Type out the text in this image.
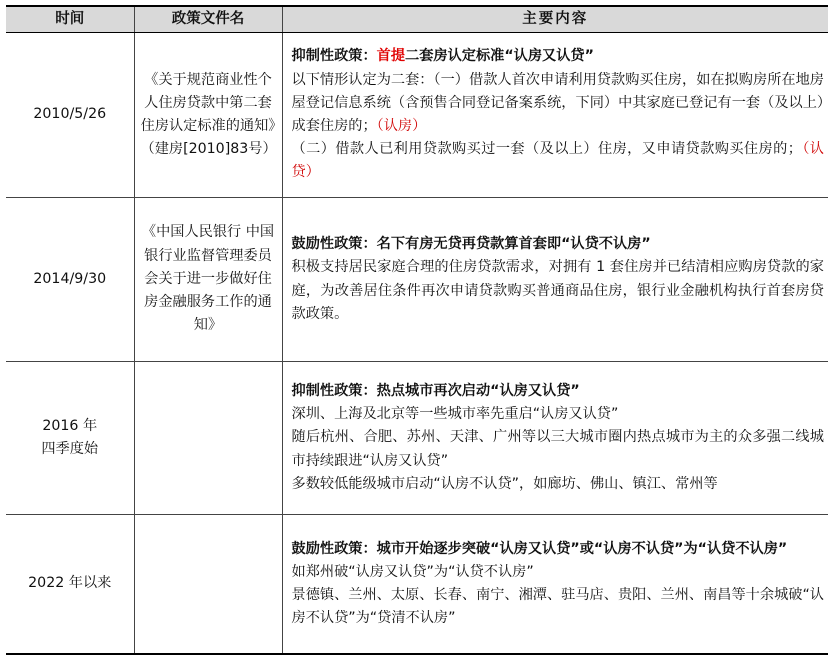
时间	政策文件名	主要内容
2010/5/26	《关于规范商业性个人住房贷款中第二套住房认定标准的通知》（建房[2010]83号）	抑制性政策：首提二套房认定标准“认房又认贷”
以下情形认定为二套：（一）借款人首次申请利用贷款购买住房，如在拟购房所在地房屋登记信息系统（含预售合同登记备案系统，下同）中其家庭已登记有一套（及以上）成套住房的；（认房）
（二）借款人已利用贷款购买过一套（及以上）住房，又申请贷款购买住房的；（认贷）

2014/9/30	《中国人民银行 中国银行业监督管理委员会关于进一步做好住房金融服务工作的通知》	鼓励性政策：名下有房无贷再贷款算首套即“认贷不认房”
积极支持居民家庭合理的住房贷款需求，对拥有 1 套住房并已结清相应购房贷款的家庭，为改善居住条件再次申请贷款购买普通商品住房，银行业金融机构执行首套房贷款政策。

2016 年
四季度始		抑制性政策：热点城市再次启动“认房又认贷”
深圳、上海及北京等一些城市率先重启“认房又认贷”
随后杭州、合肥、苏州、天津、广州等以三大城市圈内热点城市为主的众多强二线城市持续跟进“认房又认贷”
多数较低能级城市启动“认房不认贷”，如廊坊、佛山、镇江、常州等

2022 年以来		鼓励性政策：城市开始逐步突破“认房又认贷”或“认房不认贷”为“认贷不认房”
如郑州破“认房又认贷”为“认贷不认房”
景德镇、兰州、太原、长春、南宁、湘潭、驻马店、贵阳、兰州、南昌等十余城破“认房不认贷”为“贷清不认房”
